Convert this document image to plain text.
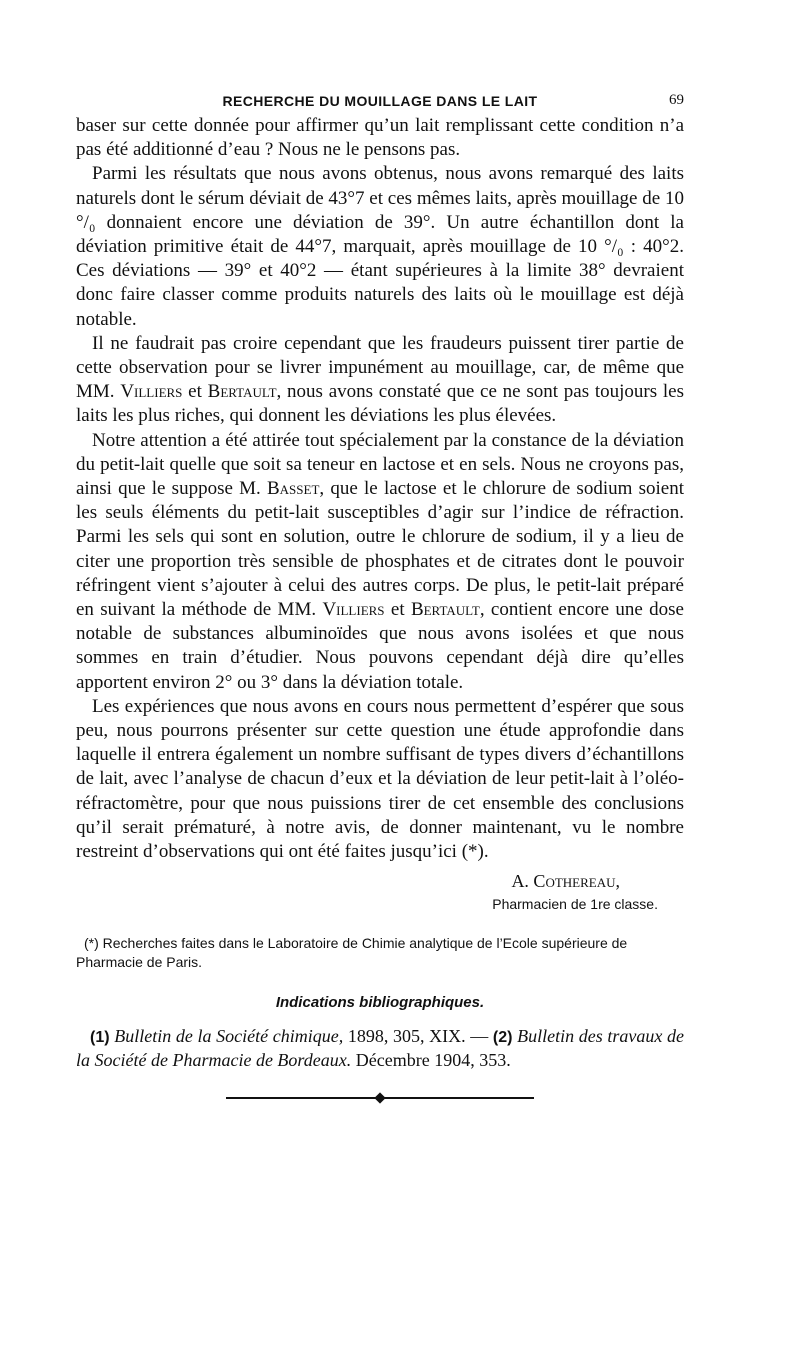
RECHERCHE DU MOUILLAGE DANS LE LAIT	69

baser sur cette donnée pour affirmer qu’un lait remplissant cette condition n’a pas été additionné d’eau ? Nous ne le pensons pas.

Parmi les résultats que nous avons obtenus, nous avons remarqué des laits naturels dont le sérum déviait de 43°7 et ces mêmes laits, après mouillage de 10 °/₀ donnaient encore une déviation de 39°. Un autre échantillon dont la déviation primitive était de 44°7, marquait, après mouillage de 10 °/₀ : 40°2. Ces déviations — 39° et 40°2 — étant supérieures à la limite 38° devraient donc faire classer comme produits naturels des laits où le mouillage est déjà notable.

Il ne faudrait pas croire cependant que les fraudeurs puissent tirer partie de cette observation pour se livrer impunément au mouillage, car, de même que MM. Villiers et Bertault, nous avons constaté que ce ne sont pas toujours les laits les plus riches, qui donnent les déviations les plus élevées.

Notre attention a été attirée tout spécialement par la constance de la déviation du petit-lait quelle que soit sa teneur en lactose et en sels. Nous ne croyons pas, ainsi que le suppose M. Basset, que le lactose et le chlorure de sodium soient les seuls éléments du petit-lait susceptibles d’agir sur l’indice de réfraction. Parmi les sels qui sont en solution, outre le chlorure de sodium, il y a lieu de citer une proportion très sensible de phosphates et de citrates dont le pouvoir réfringent vient s’ajouter à celui des autres corps. De plus, le petit-lait préparé en suivant la méthode de MM. Villiers et Bertault, contient encore une dose notable de substances albuminoïdes que nous avons isolées et que nous sommes en train d’étudier. Nous pouvons cependant déjà dire qu’elles apportent environ 2° ou 3° dans la déviation totale.

Les expériences que nous avons en cours nous permettent d’espérer que sous peu, nous pourrons présenter sur cette question une étude approfondie dans laquelle il entrera également un nombre suffisant de types divers d’échantillons de lait, avec l’analyse de chacun d’eux et la déviation de leur petit-lait à l’oléo-réfractomètre, pour que nous puissions tirer de cet ensemble des conclusions qu’il serait prématuré, à notre avis, de donner maintenant, vu le nombre restreint d’observations qui ont été faites jusqu’ici (*).

A. Cothereau,
Pharmacien de 1re classe.
(*) Recherches faites dans le Laboratoire de Chimie analytique de l’Ecole supérieure de Pharmacie de Paris.
Indications bibliographiques.
(1) Bulletin de la Société chimique, 1898, 305, XIX. — (2) Bulletin des travaux de la Société de Pharmacie de Bordeaux. Décembre 1904, 353.
